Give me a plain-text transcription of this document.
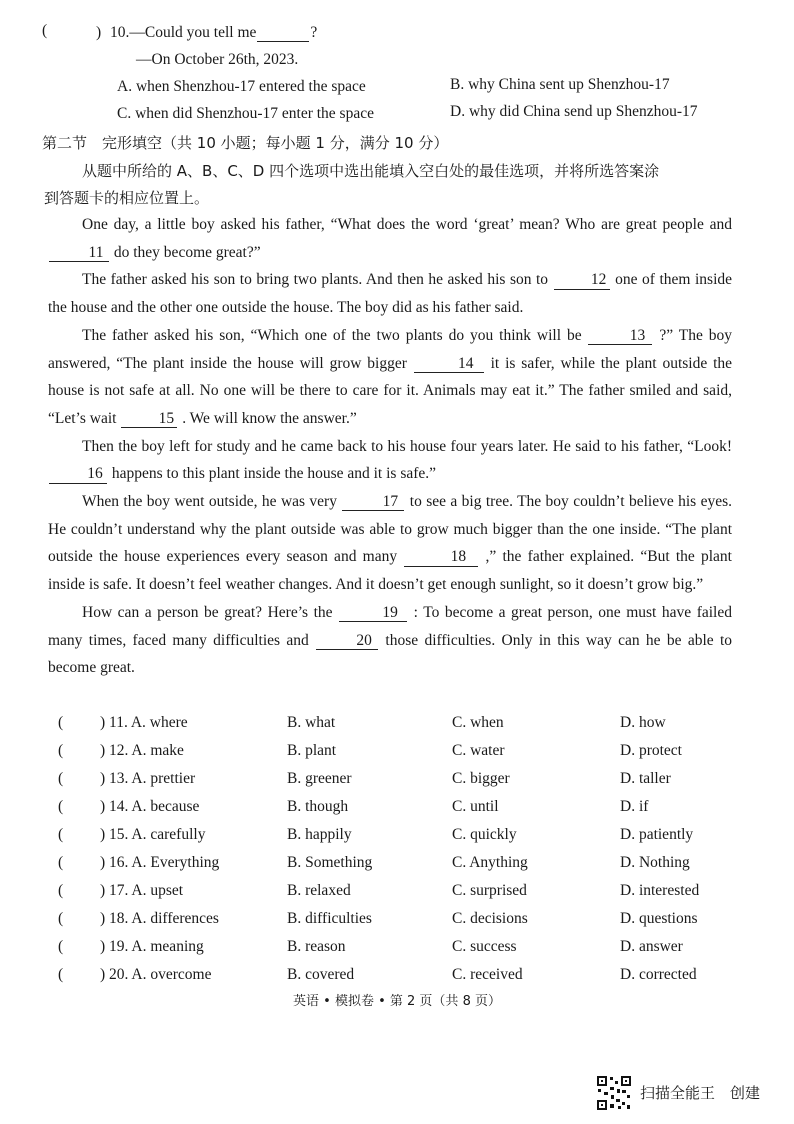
(	) 10.—Could you tell me	?
—On October 26th, 2023.
A. when Shenzhou-17 entered the space	B. why China sent up Shenzhou-17
C. when did Shenzhou-17 enter the space	D. why did China send up Shenzhou-17
第二节　完形填空（共 10 小题；每小题 1 分，满分 10 分）
从题中所给的 A、B、C、D 四个选项中选出能填入空白处的最佳选项，并将所选答案涂
到答题卡的相应位置上。

One day, a little boy asked his father, “What does the word ‘great’ mean? Who are great people and 11 do they become great?”

The father asked his son to bring two plants. And then he asked his son to	12 one of them inside the house and the other one outside the house. The boy did as his father said.

The father asked his son, “Which one of the two plants do you think will be	13 ?” The boy answered, “The plant inside the house will grow bigger	14 it is safer, while the plant outside the house is not safe at all. No one will be there to care for it. Animals may eat it.” The father smiled and said, “Let’s wait	15 . We will know the answer.”

Then the boy left for study and he came back to his house four years later. He said to his father, “Look! 16 happens to this plant inside the house and it is safe.”

When the boy went outside, he was very	17 to see a big tree. The boy couldn’t believe his eyes. He couldn’t understand why the plant outside was able to grow much bigger than the one inside. “The plant outside the house experiences every season and many	18 ,” the father explained. “But the plant inside is safe. It doesn’t feel weather changes. And it doesn’t get enough sunlight, so it doesn’t grow big.”

How can a person be great? Here’s the	19 : To become a great person, one must have failed many times, faced many difficulties and	20 those difficulties. Only in this way can he be able to become great.

( ) 11. A. where	B. what	C. when	D. how
( ) 12. A. make	B. plant	C. water	D. protect
( ) 13. A. prettier	B. greener	C. bigger	D. taller
( ) 14. A. because	B. though	C. until	D. if
( ) 15. A. carefully	B. happily	C. quickly	D. patiently
( ) 16. A. Everything	B. Something	C. Anything	D. Nothing
( ) 17. A. upset	B. relaxed	C. surprised	D. interested
( ) 18. A. differences	B. difficulties	C. decisions	D. questions
( ) 19. A. meaning	B. reason	C. success	D. answer
( ) 20. A. overcome	B. covered	C. received	D. corrected
英语 • 模拟卷 • 第 2 页（共 8 页）
扫描全能王　创建
